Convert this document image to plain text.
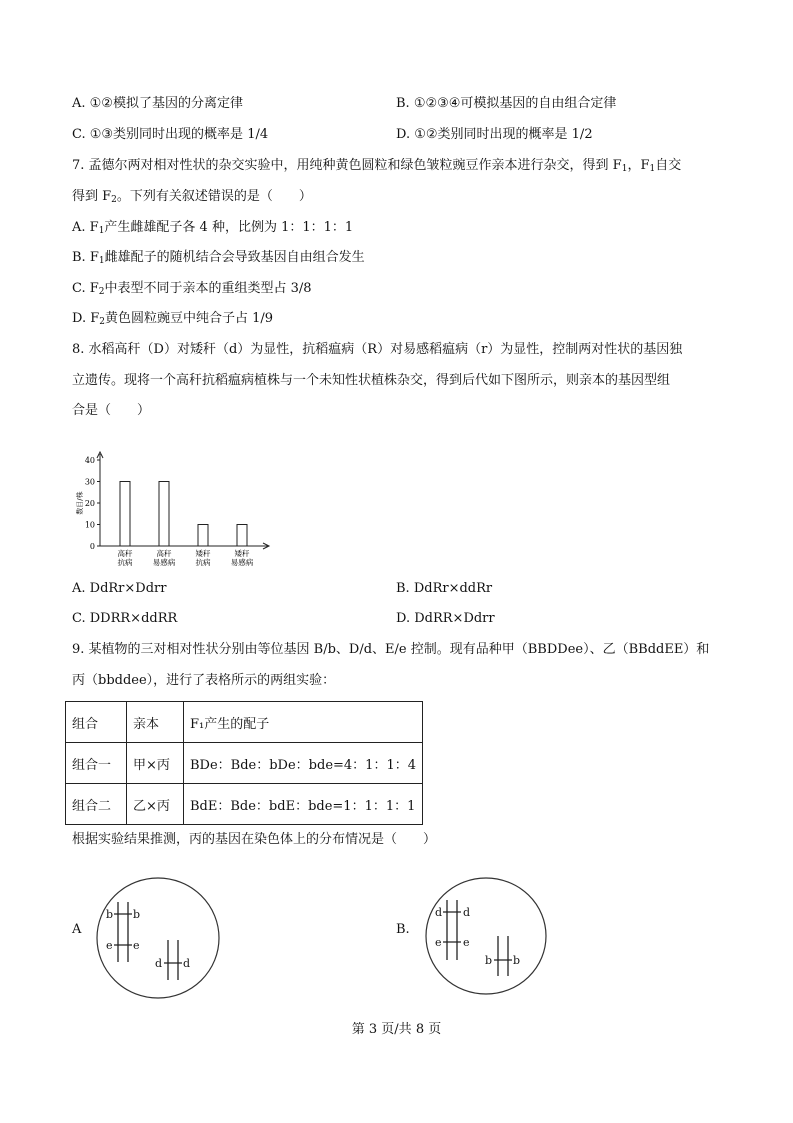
A. ①②模拟了基因的分离定律	B. ①②③④可模拟基因的自由组合定律
C. ①③类别同时出现的概率是 1/4	D. ①②类别同时出现的概率是 1/2
7. 孟德尔两对相对性状的杂交实验中，用纯种黄色圆粒和绿色皱粒豌豆作亲本进行杂交，得到 $F_1$，$F_1$自交
得到 $F_2$。下列有关叙述错误的是（　　）
A. $F_1$产生雌雄配子各 4 种，比例为 1：1：1：1
B. $F_1$雌雄配子的随机结合会导致基因自由组合发生
C. $F_2$中表型不同于亲本的重组类型占 3/8
D. $F_2$黄色圆粒豌豆中纯合子占 1/9
8. 水稻高秆（D）对矮秆（d）为显性，抗稻瘟病（R）对易感稻瘟病（r）为显性，控制两对性状的基因独
立遗传。现将一个高秆抗稻瘟病植株与一个未知性状植株杂交，得到后代如下图所示，则亲本的基因型组
合是（　　）
0
10
20
30
40
数目/株
高秆
抗病
高秆
易感病
矮秆
抗病
矮秆
易感病
A. DdRr×Ddrr	B. DdRr×ddRr
C. DDRR×ddRR	D. DdRR×Ddrr
9. 某植物的三对相对性状分别由等位基因 B/b、D/d、E/e 控制。现有品种甲（BBDDee）、乙（BBddEE）和
丙（bbddee），进行了表格所示的两组实验：
组合	亲本	F₁产生的配子
组合一	甲×丙	BDe：Bde：bDe：bde=4：1：1：4
组合二	乙×丙	BdE：Bde：bdE：bde=1：1：1：1
根据实验结果推测，丙的基因在染色体上的分布情况是（　　）
A
b b
e e
d d
B.
d d
e e
b b
第 3 页/共 8 页
